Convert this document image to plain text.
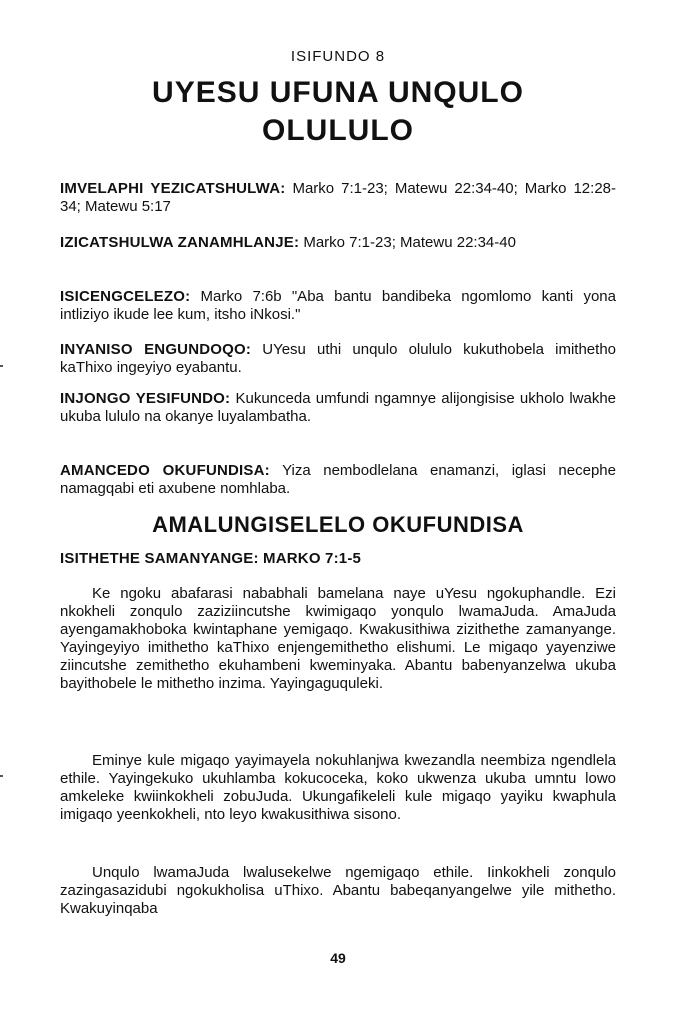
ISIFUNDO 8
UYESU UFUNA UNQULO
OLULULO
IMVELAPHI YEZICATSHULWA: Marko 7:1-23; Matewu 22:34-40; Marko 12:28-34; Matewu 5:17
IZICATSHULWA ZANAMHLANJE: Marko 7:1-23; Matewu 22:34-40
ISICENGCELEZO: Marko 7:6b "Aba bantu bandibeka ngomlomo kanti yona intliziyo ikude lee kum, itsho iNkosi."
INYANISO ENGUNDOQO: UYesu uthi unqulo olululo kukuthobela imithetho kaThixo ingeyiyo eyabantu.
INJONGO YESIFUNDO: Kukunceda umfundi ngamnye alijongisise ukholo lwakhe ukuba lululo na okanye luyalambatha.
AMANCEDO OKUFUNDISA: Yiza nembodlelana enamanzi, iglasi necephe namagqabi eti axubene nomhlaba.
AMALUNGISELELO OKUFUNDISA
ISITHETHE SAMANYANGE: MARKO 7:1-5
Ke ngoku abafarasi nababhali bamelana naye uYesu ngokuphandle. Ezi nkokheli zonqulo zaziziincutshe kwimigaqo yonqulo lwamaJuda. AmaJuda ayengamakhoboka kwintaphane yemigaqo. Kwakusithiwa zizithethe zamanyange. Yayingeyiyo imithetho kaThixo enjengemithetho elishumi. Le migaqo yayenziwe ziincutshe zemithetho ekuhambeni kweminyaka. Abantu babenyanzelwa ukuba bayithobele le mithetho inzima. Yayingaguquleki.
Eminye kule migaqo yayimayela nokuhlanjwa kwezandla neembiza ngendlela ethile. Yayingekuko ukuhlamba kokucoceka, koko ukwenza ukuba umntu lowo amkeleke kwiinkokheli zobuJuda. Ukungafikeleli kule migaqo yayiku kwaphula imigaqo yeenkokheli, nto leyo kwakusithiwa sisono.
Unqulo lwamaJuda lwalusekelwe ngemigaqo ethile. Iinkokheli zonqulo zazingasazidubi ngokukholisa uThixo. Abantu babeqanyangelwe yile mithetho. Kwakuyinqaba
49
